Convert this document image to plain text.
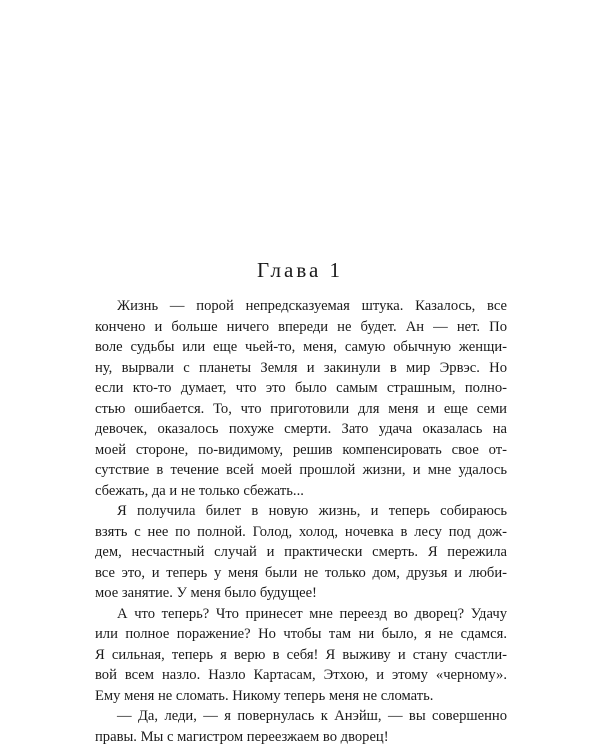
Глава 1
Жизнь — порой непредсказуемая штука. Казалось, все
кончено и больше ничего впереди не будет. Ан — нет. По
воле судьбы или еще чьей-то, меня, самую обычную женщи-
ну, вырвали с планеты Земля и закинули в мир Эрвэс. Но
если кто-то думает, что это было самым страшным, полно-
стью ошибается. То, что приготовили для меня и еще семи
девочек, оказалось похуже смерти. Зато удача оказалась на
моей стороне, по-видимому, решив компенсировать свое от-
сутствие в течение всей моей прошлой жизни, и мне удалось
сбежать, да и не только сбежать...
Я получила билет в новую жизнь, и теперь собираюсь
взять с нее по полной. Голод, холод, ночевка в лесу под дож-
дем, несчастный случай и практически смерть. Я пережила
все это, и теперь у меня были не только дом, друзья и люби-
мое занятие. У меня было будущее!
А что теперь? Что принесет мне переезд во дворец? Удачу
или полное поражение? Но чтобы там ни было, я не сдамся.
Я сильная, теперь я верю в себя! Я выживу и стану счастли-
вой всем назло. Назло Картасам, Этхою, и этому «черному».
Ему меня не сломать. Никому теперь меня не сломать.
— Да, леди, — я повернулась к Анэйш, — вы совершенно
правы. Мы с магистром переезжаем во дворец!
